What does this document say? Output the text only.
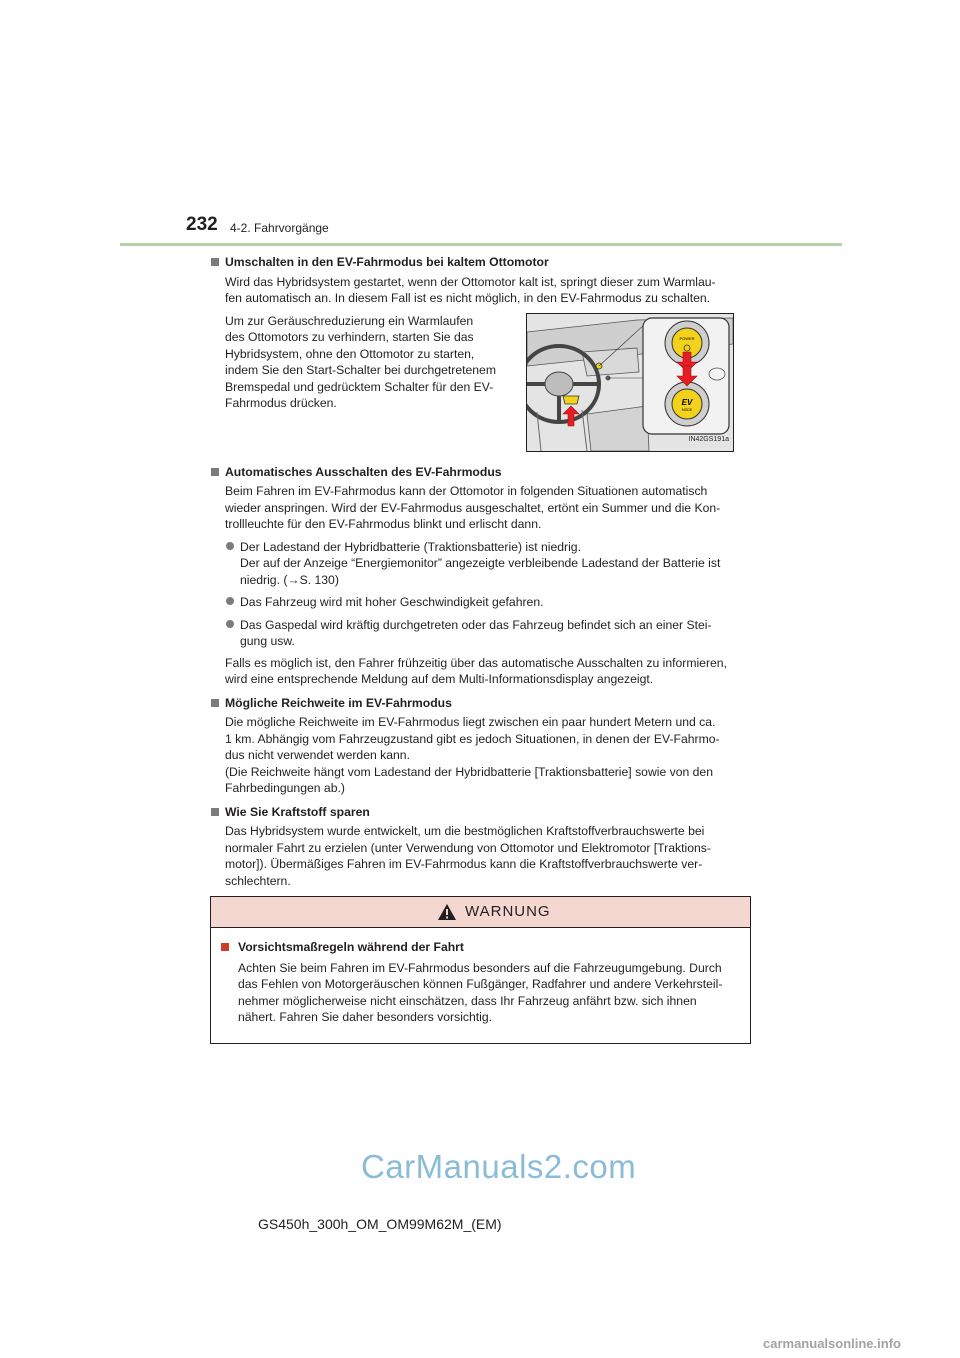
232 4-2. Fahrvorgänge
Umschalten in den EV-Fahrmodus bei kaltem Ottomotor
Wird das Hybridsystem gestartet, wenn der Ottomotor kalt ist, springt dieser zum Warmlau-
fen automatisch an. In diesem Fall ist es nicht möglich, in den EV-Fahrmodus zu schalten.
Um zur Geräuschreduzierung ein Warmlaufen
des Ottomotors zu verhindern, starten Sie das
Hybridsystem, ohne den Ottomotor zu starten,
indem Sie den Start-Schalter bei durchgetretenem
Bremspedal und gedrücktem Schalter für den EV-
Fahrmodus drücken.
POWER
EV
MODE
IN42GS191a
Automatisches Ausschalten des EV-Fahrmodus
Beim Fahren im EV-Fahrmodus kann der Ottomotor in folgenden Situationen automatisch
wieder anspringen. Wird der EV-Fahrmodus ausgeschaltet, ertönt ein Summer und die Kon-
trollleuchte für den EV-Fahrmodus blinkt und erlischt dann.
Der Ladestand der Hybridbatterie (Traktionsbatterie) ist niedrig.
Der auf der Anzeige “Energiemonitor” angezeigte verbleibende Ladestand der Batterie ist
niedrig. (→S. 130)
Das Fahrzeug wird mit hoher Geschwindigkeit gefahren.
Das Gaspedal wird kräftig durchgetreten oder das Fahrzeug befindet sich an einer Stei-
gung usw.
Falls es möglich ist, den Fahrer frühzeitig über das automatische Ausschalten zu informieren,
wird eine entsprechende Meldung auf dem Multi-Informationsdisplay angezeigt.
Mögliche Reichweite im EV-Fahrmodus
Die mögliche Reichweite im EV-Fahrmodus liegt zwischen ein paar hundert Metern und ca.
1 km. Abhängig vom Fahrzeugzustand gibt es jedoch Situationen, in denen der EV-Fahrmo-
dus nicht verwendet werden kann.
(Die Reichweite hängt vom Ladestand der Hybridbatterie [Traktionsbatterie] sowie von den
Fahrbedingungen ab.)
Wie Sie Kraftstoff sparen
Das Hybridsystem wurde entwickelt, um die bestmöglichen Kraftstoffverbrauchswerte bei
normaler Fahrt zu erzielen (unter Verwendung von Ottomotor und Elektromotor [Traktions-
motor]). Übermäßiges Fahren im EV-Fahrmodus kann die Kraftstoffverbrauchswerte ver-
schlechtern.
WARNUNG
Vorsichtsmaßregeln während der Fahrt
Achten Sie beim Fahren im EV-Fahrmodus besonders auf die Fahrzeugumgebung. Durch
das Fehlen von Motorgeräuschen können Fußgänger, Radfahrer und andere Verkehrsteil-
nehmer möglicherweise nicht einschätzen, dass Ihr Fahrzeug anfährt bzw. sich ihnen
nähert. Fahren Sie daher besonders vorsichtig.
CarManuals2.com
GS450h_300h_OM_OM99M62M_(EM)
carmanualsonline.info
